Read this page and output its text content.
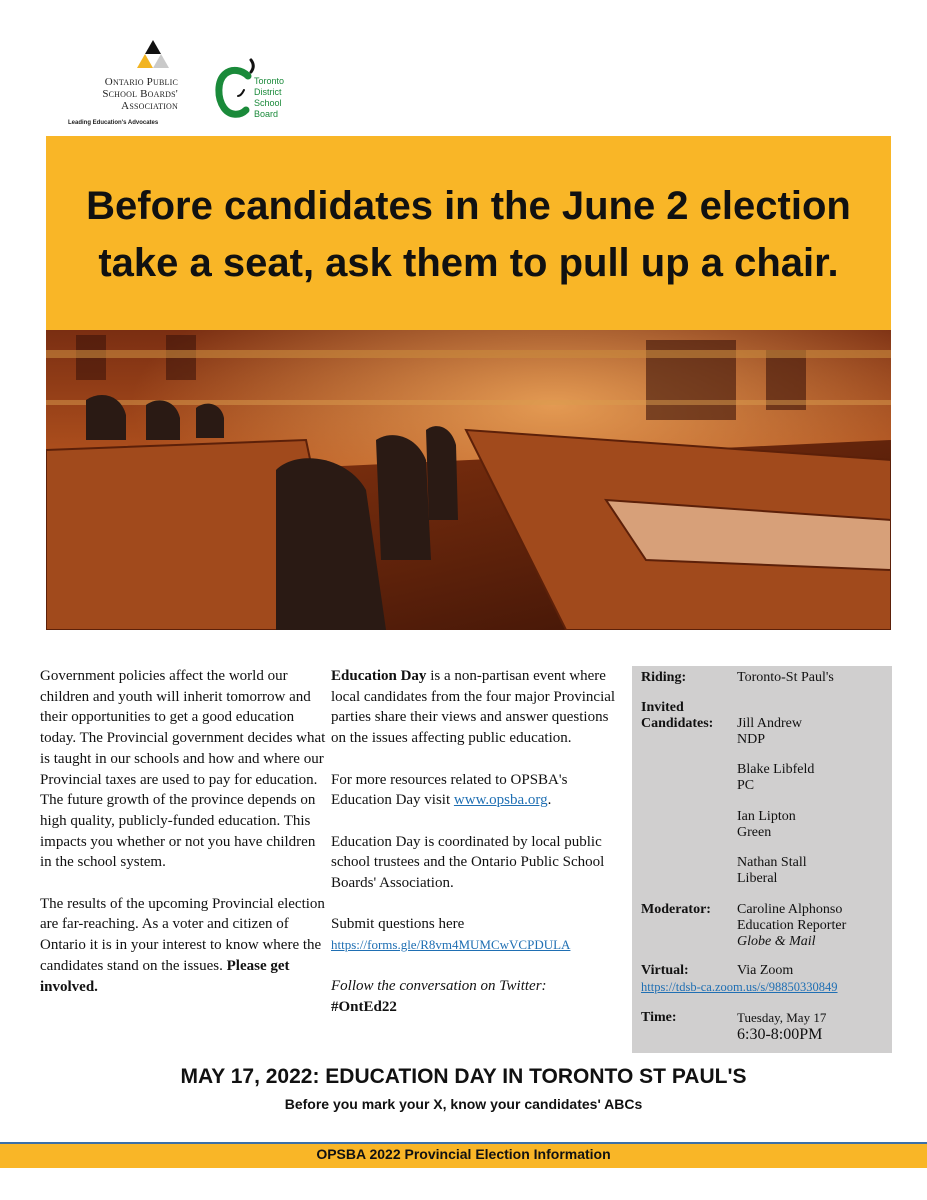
Ontario Public
School Boards'
Association
Leading Education's Advocates
Toronto
District
School
Board
Before candidates in the June 2 election
take a seat, ask them to pull up a chair.

Government policies affect the world our children and youth will inherit tomorrow and their opportunities to get a good education today. The Provincial government decides what is taught in our schools and how and where our Provincial taxes are used to pay for education. The future growth of the province depends on high quality, publicly-funded education. This impacts you whether or not you have children in the school system.

The results of the upcoming Provincial election are far-reaching. As a voter and citizen of Ontario it is in your interest to know where the candidates stand on the issues. Please get involved.

Education Day is a non-partisan event where local candidates from the four major Provincial parties share their views and answer questions on the issues affecting public education.

For more resources related to OPSBA's Education Day visit www.opsba.org.

Education Day is coordinated by local public school trustees and the Ontario Public School Boards' Association.

Submit questions here

https://forms.gle/R8vm4MUMCwVCPDULA

Follow the conversation on Twitter:

#OntEd22

Riding:	Toronto-St Paul's
Invited
Candidates: Jill Andrew
NDP
Blake Libfeld
PC
Ian Lipton
Green
Nathan Stall
Liberal
Moderator: Caroline Alphonso
Education Reporter
Globe & Mail
Virtual:	Via Zoom
https://tdsb-ca.zoom.us/s/98850330849
Time:	Tuesday, May 17
6:30-8:00PM
MAY 17, 2022: EDUCATION DAY IN TORONTO ST PAUL'S
Before you mark your X, know your candidates' ABCs
OPSBA 2022 Provincial Election Information
